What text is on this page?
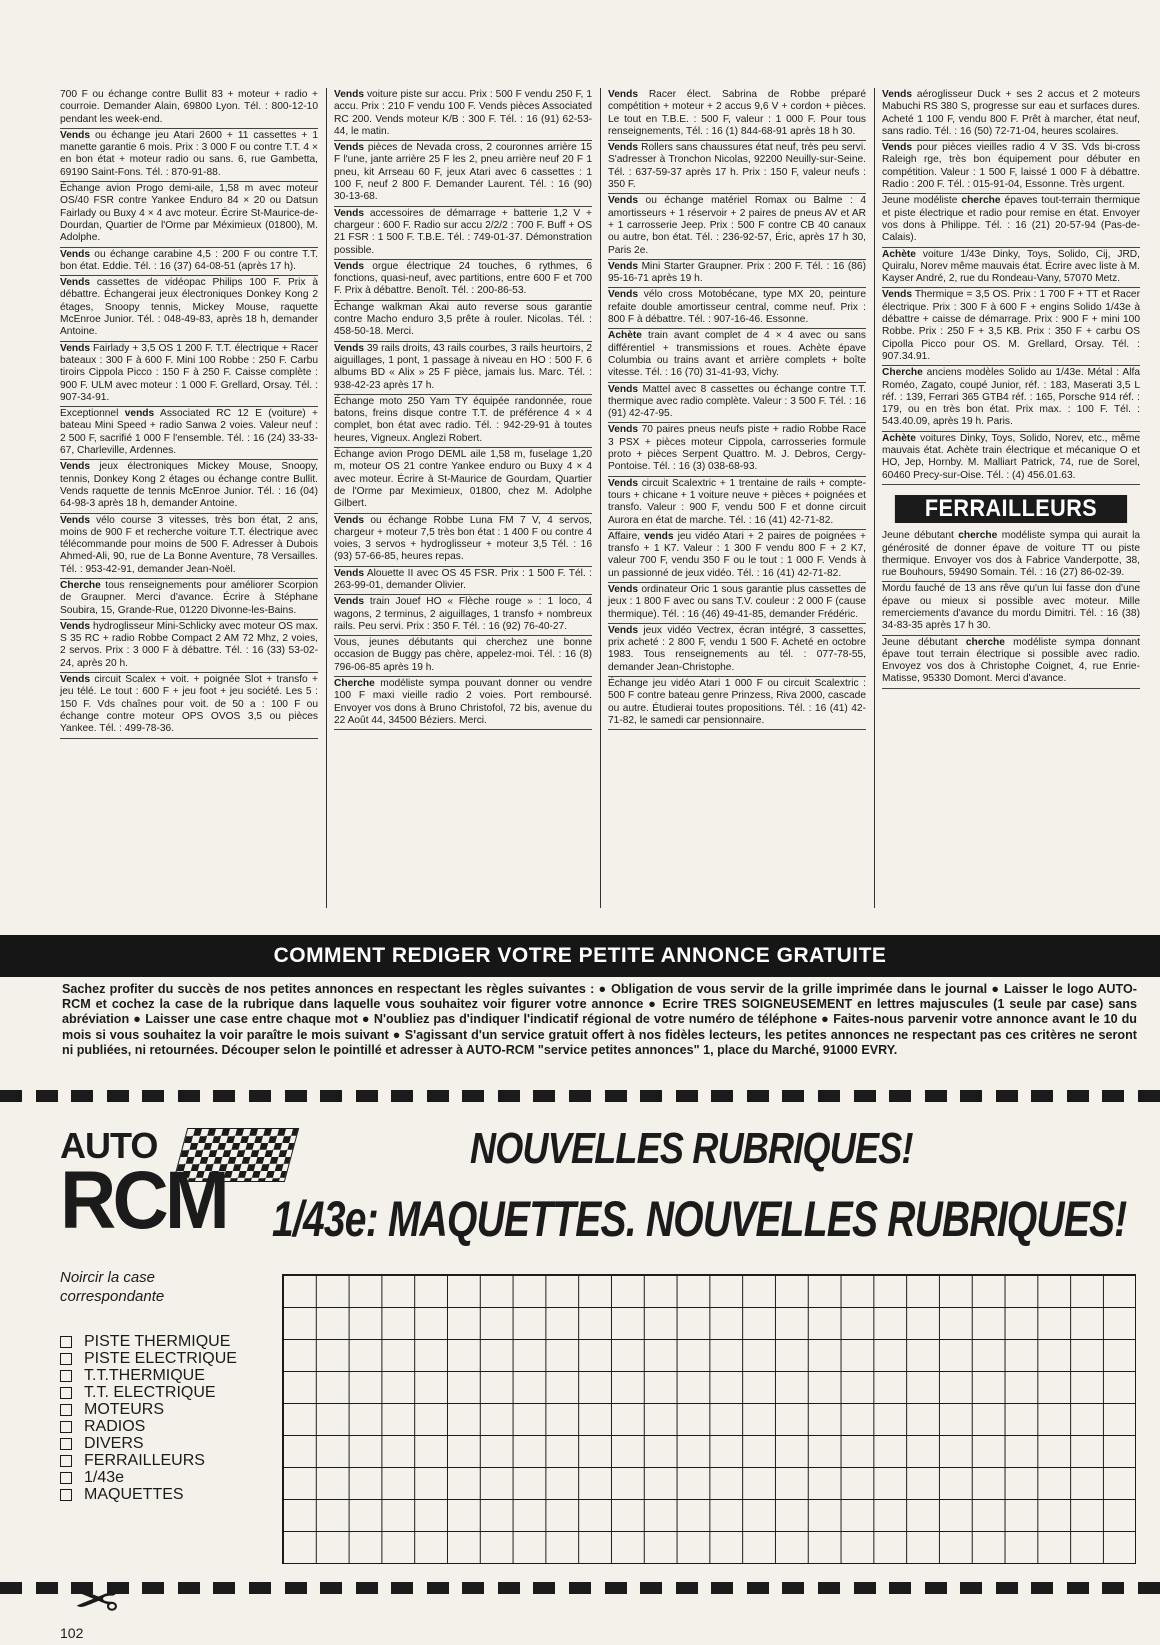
700 F ou échange contre Bullit 83 + moteur + radio + courroie. Demander Alain, 69800 Lyon. Tél. : 800-12-10 pendant les week-end.
Vends ou échange jeu Atari 2600 + 11 cassettes + 1 manette garantie 6 mois. Prix : 3 000 F ou contre T.T. 4 × en bon état + moteur radio ou sans. 6, rue Gambetta, 69190 Saint-Fons. Tél. : 870-91-88.
Échange avion Progo demi-aile, 1,58 m avec moteur OS/40 FSR contre Yankee Enduro 84 × 20 ou Datsun Fairlady ou Buxy 4 × 4 avc moteur. Écrire St-Maurice-de-Dourdan, Quartier de l'Orme par Méximieux (01800), M. Adolphe.
Vends ou échange carabine 4,5 : 200 F ou contre T.T. bon état. Eddie. Tél. : 16 (37) 64-08-51 (après 17 h).
Vends cassettes de vidéopac Philips 100 F. Prix à débattre. Échangerai jeux électroniques Donkey Kong 2 étages, Snoopy tennis, Mickey Mouse, raquette McEnroe Junior. Tél. : 048-49-83, après 18 h, demander Antoine.
Vends Fairlady + 3,5 OS 1 200 F. T.T. électrique + Racer bateaux : 300 F à 600 F. Mini 100 Robbe : 250 F. Carbu tiroirs Cippola Picco : 150 F à 250 F. Caisse complète : 900 F. ULM avec moteur : 1 000 F. Grellard, Orsay. Tél. : 907-34-91.
Exceptionnel vends Associated RC 12 E (voiture) + bateau Mini Speed + radio Sanwa 2 voies. Valeur neuf : 2 500 F, sacrifié 1 000 F l'ensemble. Tél. : 16 (24) 33-33-67, Charleville, Ardennes.
Vends jeux électroniques Mickey Mouse, Snoopy, tennis, Donkey Kong 2 étages ou échange contre Bullit. Vends raquette de tennis McEnroe Junior. Tél. : 16 (04) 64-98-3 après 18 h, demander Antoine.
Vends vélo course 3 vitesses, très bon état, 2 ans, moins de 900 F et recherche voiture T.T. électrique avec télécommande pour moins de 500 F. Adresser à Dubois Ahmed-Ali, 90, rue de La Bonne Aventure, 78 Versailles. Tél. : 953-42-91, demander Jean-Noël.
Cherche tous renseignements pour améliorer Scorpion de Graupner. Merci d'avance. Écrire à Stéphane Soubira, 15, Grande-Rue, 01220 Divonne-les-Bains.
Vends hydroglisseur Mini-Schlicky avec moteur OS max. S 35 RC + radio Robbe Compact 2 AM 72 Mhz, 2 voies, 2 servos. Prix : 3 000 F à débattre. Tél. : 16 (33) 53-02-24, après 20 h.
Vends circuit Scalex + voit. + poignée Slot + transfo + jeu télé. Le tout : 600 F + jeu foot + jeu société. Les 5 : 150 F. Vds chaînes pour voit. de 50 a : 100 F ou échange contre moteur OPS OVOS 3,5 ou pièces Yankee. Tél. : 499-78-36.
Vends voiture piste sur accu. Prix : 500 F vendu 250 F, 1 accu. Prix : 210 F vendu 100 F. Vends pièces Associated RC 200. Vends moteur K/B : 300 F. Tél. : 16 (91) 62-53-44, le matin.
Vends pièces de Nevada cross, 2 couronnes arrière 15 F l'une, jante arrière 25 F les 2, pneu arrière neuf 20 F 1 pneu, kit Arrseau 60 F, jeux Atari avec 6 cassettes : 1 100 F, neuf 2 800 F. Demander Laurent. Tél. : 16 (90) 30-13-68.
Vends accessoires de démarrage + batterie 1,2 V + chargeur : 600 F. Radio sur accu 2/2/2 : 700 F. Buff + OS 21 FSR : 1 500 F. T.B.E. Tél. : 749-01-37. Démonstration possible.
Vends orgue électrique 24 touches, 6 rythmes, 6 fonctions, quasi-neuf, avec partitions, entre 600 F et 700 F. Prix à débattre. Benoît. Tél. : 200-86-53.
Échange walkman Akai auto reverse sous garantie contre Macho enduro 3,5 prête à rouler. Nicolas. Tél. : 458-50-18. Merci.
Vends 39 rails droits, 43 rails courbes, 3 rails heurtoirs, 2 aiguillages, 1 pont, 1 passage à niveau en HO : 500 F. 6 albums BD « Alix » 25 F pièce, jamais lus. Marc. Tél. : 938-42-23 après 17 h.
Échange moto 250 Yam TY équipée randonnée, roue batons, freins disque contre T.T. de préférence 4 × 4 complet, bon état avec radio. Tél. : 942-29-91 à toutes heures, Vigneux. Anglezi Robert.
Échange avion Progo DEML aile 1,58 m, fuselage 1,20 m, moteur OS 21 contre Yankee enduro ou Buxy 4 × 4 avec moteur. Écrire à St-Maurice de Gourdam, Quartier de l'Orme par Meximieux, 01800, chez M. Adolphe Gilbert.
Vends ou échange Robbe Luna FM 7 V, 4 servos, chargeur + moteur 7,5 très bon état : 1 400 F ou contre 4 voies, 3 servos + hydroglisseur + moteur 3,5 Tél. : 16 (93) 57-66-85, heures repas.
Vends Alouette II avec OS 45 FSR. Prix : 1 500 F. Tél. : 263-99-01, demander Olivier.
Vends train Jouef HO « Flèche rouge » : 1 loco, 4 wagons, 2 terminus, 2 aiguillages, 1 transfo + nombreux rails. Peu servi. Prix : 350 F. Tél. : 16 (92) 76-40-27.
Vous, jeunes débutants qui cherchez une bonne occasion de Buggy pas chère, appelez-moi. Tél. : 16 (8) 796-06-85 après 19 h.
Cherche modéliste sympa pouvant donner ou vendre 100 F maxi vieille radio 2 voies. Port remboursé. Envoyer vos dons à Bruno Christofol, 72 bis, avenue du 22 Août 44, 34500 Béziers. Merci.
Vends Racer élect. Sabrina de Robbe préparé compétition + moteur + 2 accus 9,6 V + cordon + pièces. Le tout en T.B.E. : 500 F, valeur : 1 000 F. Pour tous renseignements, Tél. : 16 (1) 844-68-91 après 18 h 30.
Vends Rollers sans chaussures état neuf, très peu servi. S'adresser à Tronchon Nicolas, 92200 Neuilly-sur-Seine. Tél. : 637-59-37 après 17 h. Prix : 150 F, valeur neufs : 350 F.
Vends ou échange matériel Romax ou Balme : 4 amortisseurs + 1 réservoir + 2 paires de pneus AV et AR + 1 carrosserie Jeep. Prix : 500 F contre CB 40 canaux ou autre, bon état. Tél. : 236-92-57, Éric, après 17 h 30, Paris 2e.
Vends Mini Starter Graupner. Prix : 200 F. Tél. : 16 (86) 95-16-71 après 19 h.
Vends vélo cross Motobécane, type MX 20, peinture refaite double amortisseur central, comme neuf. Prix : 800 F à débattre. Tél. : 907-16-46. Essonne.
Achète train avant complet de 4 × 4 avec ou sans différentiel + transmissions et roues. Achète épave Columbia ou trains avant et arrière complets + boîte vitesse. Tél. : 16 (70) 31-41-93, Vichy.
Vends Mattel avec 8 cassettes ou échange contre T.T. thermique avec radio complète. Valeur : 3 500 F. Tél. : 16 (91) 42-47-95.
Vends 70 paires pneus neufs piste + radio Robbe Race 3 PSX + pièces moteur Cippola, carrosseries formule proto + pièces Serpent Quattro. M. J. Debros, Cergy-Pontoise. Tél. : 16 (3) 038-68-93.
Vends circuit Scalextric + 1 trentaine de rails + compte-tours + chicane + 1 voiture neuve + pièces + poignées et transfo. Valeur : 900 F, vendu 500 F et donne circuit Aurora en état de marche. Tél. : 16 (41) 42-71-82.
Affaire, vends jeu vidéo Atari + 2 paires de poignées + transfo + 1 K7. Valeur : 1 300 F vendu 800 F + 2 K7, valeur 700 F, vendu 350 F ou le tout : 1 000 F. Vends à un passionné de jeux vidéo. Tél. : 16 (41) 42-71-82.
Vends ordinateur Oric 1 sous garantie plus cassettes de jeux : 1 800 F avec ou sans T.V. couleur : 2 000 F (cause thermique). Tél. : 16 (46) 49-41-85, demander Frédéric.
Vends jeux vidéo Vectrex, écran intégré, 3 cassettes, prix acheté : 2 800 F, vendu 1 500 F. Acheté en octobre 1983. Tous renseignements au tél. : 077-78-55, demander Jean-Christophe.
Échange jeu vidéo Atari 1 000 F ou circuit Scalextric : 500 F contre bateau genre Prinzess, Riva 2000, cascade ou autre. Étudierai toutes propositions. Tél. : 16 (41) 42-71-82, le samedi car pensionnaire.
Vends aéroglisseur Duck + ses 2 accus et 2 moteurs Mabuchi RS 380 S, progresse sur eau et surfaces dures. Acheté 1 100 F, vendu 800 F. Prêt à marcher, état neuf, sans radio. Tél. : 16 (50) 72-71-04, heures scolaires.
Vends pour pièces vieilles radio 4 V 3S. Vds bi-cross Raleigh rge, très bon équipement pour débuter en compétition. Valeur : 1 500 F, laissé 1 000 F à débattre. Radio : 200 F. Tél. : 015-91-04, Essonne. Très urgent.
Jeune modéliste cherche épaves tout-terrain thermique et piste électrique et radio pour remise en état. Envoyer vos dons à Philippe. Tél. : 16 (21) 20-57-94 (Pas-de-Calais).
Achète voiture 1/43e Dinky, Toys, Solido, Cij, JRD, Quiralu, Norev même mauvais état. Écrire avec liste à M. Kayser André, 2, rue du Rondeau-Vany, 57070 Metz.
Vends Thermique = 3,5 OS. Prix : 1 700 F + TT et Racer électrique. Prix : 300 F à 600 F + engins Solido 1/43e à débattre + caisse de démarrage. Prix : 900 F + mini 100 Robbe. Prix : 250 F + 3,5 KB. Prix : 350 F + carbu OS Cipolla Picco pour OS. M. Grellard, Orsay. Tél. : 907.34.91.
Cherche anciens modèles Solido au 1/43e. Métal : Alfa Roméo, Zagato, coupé Junior, réf. : 183, Maserati 3,5 L réf. : 139, Ferrari 365 GTB4 réf. : 165, Porsche 914 réf. : 179, ou en très bon état. Prix max. : 100 F. Tél. : 543.40.09, après 19 h. Paris.
Achète voitures Dinky, Toys, Solido, Norev, etc., même mauvais état. Achète train électrique et mécanique O et HO, Jep, Hornby. M. Malliart Patrick, 74, rue de Sorel, 60460 Precy-sur-Oise. Tél. : (4) 456.01.63.
FERRAILLEURS
Jeune débutant cherche modéliste sympa qui aurait la générosité de donner épave de voiture TT ou piste thermique. Envoyer vos dos à Fabrice Vanderpotte, 38, rue Bouhours, 59490 Somain. Tél. : 16 (27) 86-02-39.
Mordu fauché de 13 ans rêve qu'un lui fasse don d'une épave ou mieux si possible avec moteur. Mille remerciements d'avance du mordu Dimitri. Tél. : 16 (38) 34-83-35 après 17 h 30.
Jeune débutant cherche modéliste sympa donnant épave tout terrain électrique si possible avec radio. Envoyez vos dos à Christophe Coignet, 4, rue Enrie-Matisse, 95330 Domont. Merci d'avance.
COMMENT REDIGER VOTRE PETITE ANNONCE GRATUITE
Sachez profiter du succès de nos petites annonces en respectant les règles suivantes : ● Obligation de vous servir de la grille imprimée dans le journal ● Laisser le logo AUTO-RCM et cochez la case de la rubrique dans laquelle vous souhaitez voir figurer votre annonce ● Ecrire TRES SOIGNEUSEMENT en lettres majuscules (1 seule par case) sans abréviation ● Laisser une case entre chaque mot ● N'oubliez pas d'indiquer l'indicatif régional de votre numéro de téléphone ● Faites-nous parvenir votre annonce avant le 10 du mois si vous souhaitez la voir paraître le mois suivant ● S'agissant d'un service gratuit offert à nos fidèles lecteurs, les petites annonces ne respectant pas ces critères ne seront ni publiées, ni retournées. Découper selon le pointillé et adresser à AUTO-RCM "service petites annonces" 1, place du Marché, 91000 EVRY.
AUTO
RCM
NOUVELLES RUBRIQUES!
1/43e: MAQUETTES. NOUVELLES RUBRIQUES!
Noircir la case
correspondante
PISTE THERMIQUE
PISTE ELECTRIQUE
T.T.THERMIQUE
T.T. ELECTRIQUE
MOTEURS
RADIOS
DIVERS
FERRAILLEURS
1/43e
MAQUETTES
✂
102
